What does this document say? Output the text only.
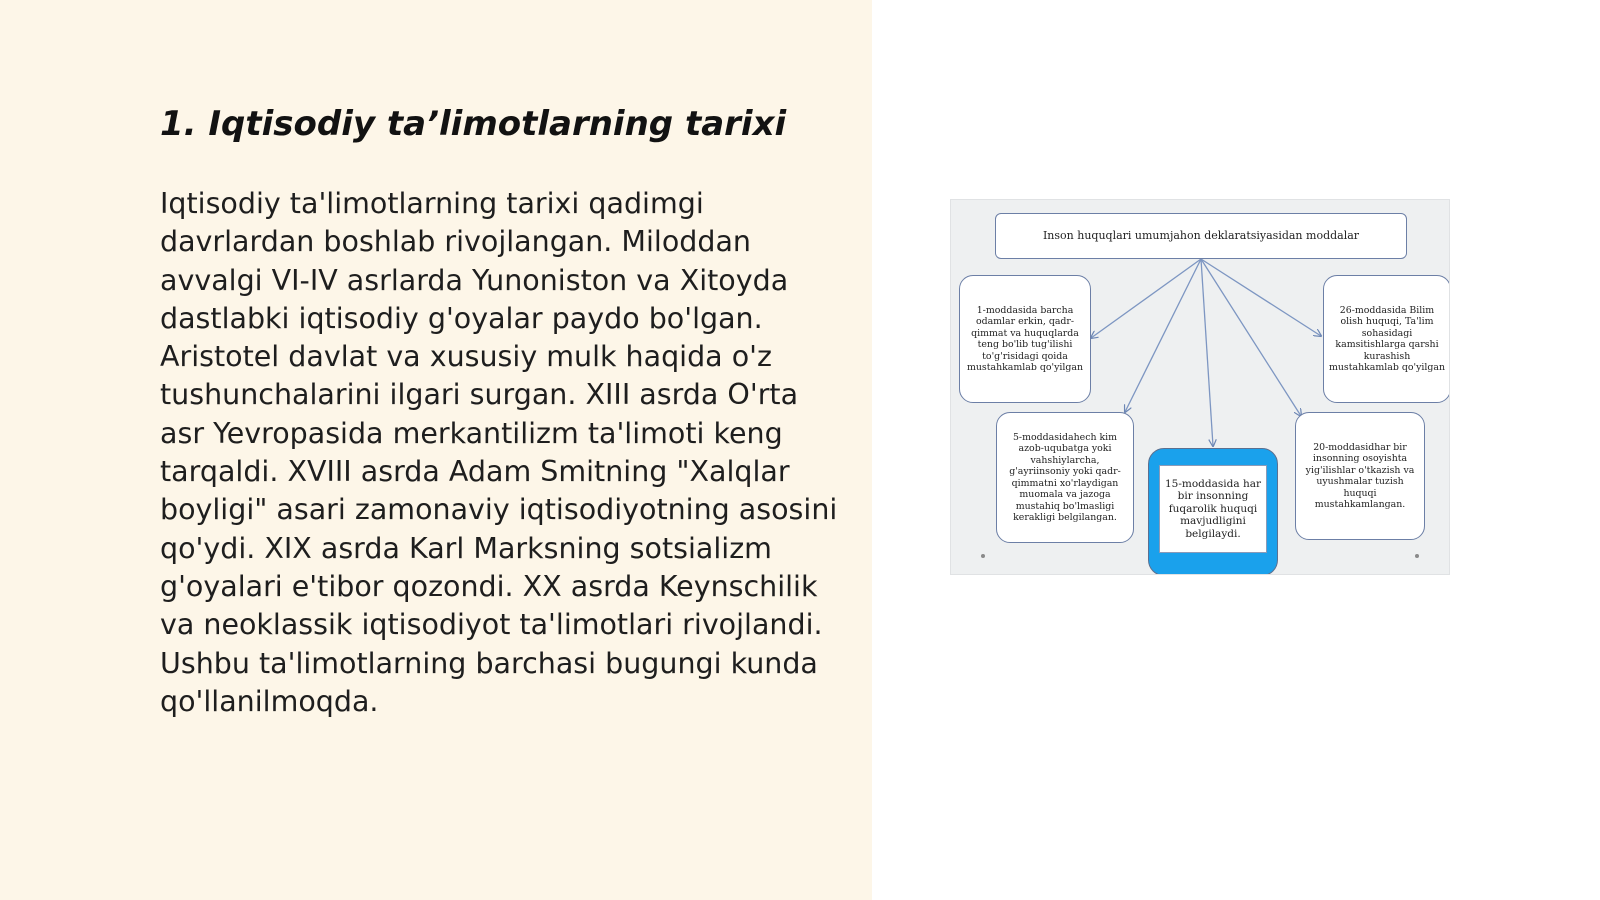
1. Iqtisodiy ta’limotlarning tarixi

Iqtisodiy ta'limotlarning tarixi qadimgi davrlardan boshlab rivojlangan. Miloddan avvalgi VI-IV asrlarda Yunoniston va Xitoyda dastlabki iqtisodiy g'oyalar paydo bo'lgan. Aristotel davlat va xususiy mulk haqida o'z tushunchalarini ilgari surgan. XIII asrda O'rta asr Yevropasida merkantilizm ta'limoti keng tarqaldi. XVIII asrda Adam Smitning "Xalqlar boyligi" asari zamonaviy iqtisodiyotning asosini qo'ydi. XIX asrda Karl Marksning sotsializm g'oyalari e'tibor qozondi. XX asrda Keynschilik va neoklassik iqtisodiyot ta'limotlari rivojlandi. Ushbu ta'limotlarning barchasi bugungi kunda qo'llanilmoqda.

Inson huquqlari umumjahon deklaratsiyasidan moddalar
1-moddasida barcha odamlar erkin, qadr-qimmat va huquqlarda teng bo'lib tug'ilishi to'g'risidagi qoida mustahkamlab qo'yilgan
26-moddasida Bilim olish huquqi, Ta'lim sohasidagi kamsitishlarga qarshi kurashish mustahkamlab qo'yilgan
5-moddasidahech kim azob-uqubatga yoki vahshiylarcha, g'ayriinsoniy yoki qadr-qimmatni xo'rlaydigan muomala va jazoga mustahiq bo'lmasligi kerakligi belgilangan.
15-moddasida har bir insonning fuqarolik huquqi mavjudligini belgilaydi.
20-moddasidhar bir insonning osoyishta yig'ilishlar o'tkazish va uyushmalar tuzish huquqi mustahkamlangan.
